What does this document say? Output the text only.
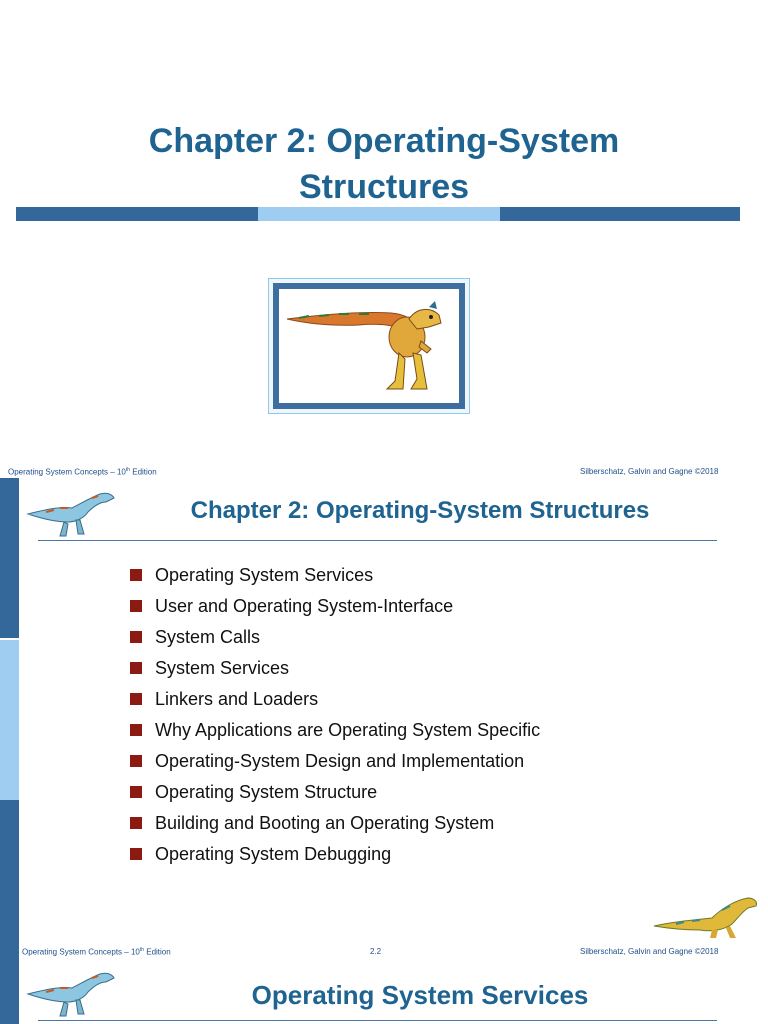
Chapter 2: Operating-System
Structures
Operating System Concepts – 10th Edition	Silberschatz, Galvin and Gagne ©2018
Chapter 2: Operating-System Structures
Operating System Services
User and Operating System-Interface
System Calls
System Services
Linkers and Loaders
Why Applications are Operating System Specific
Operating-System Design and Implementation
Operating System Structure
Building and Booting an Operating System
Operating System Debugging
Operating System Concepts – 10th Edition	2.2	Silberschatz, Galvin and Gagne ©2018
Operating System Services
